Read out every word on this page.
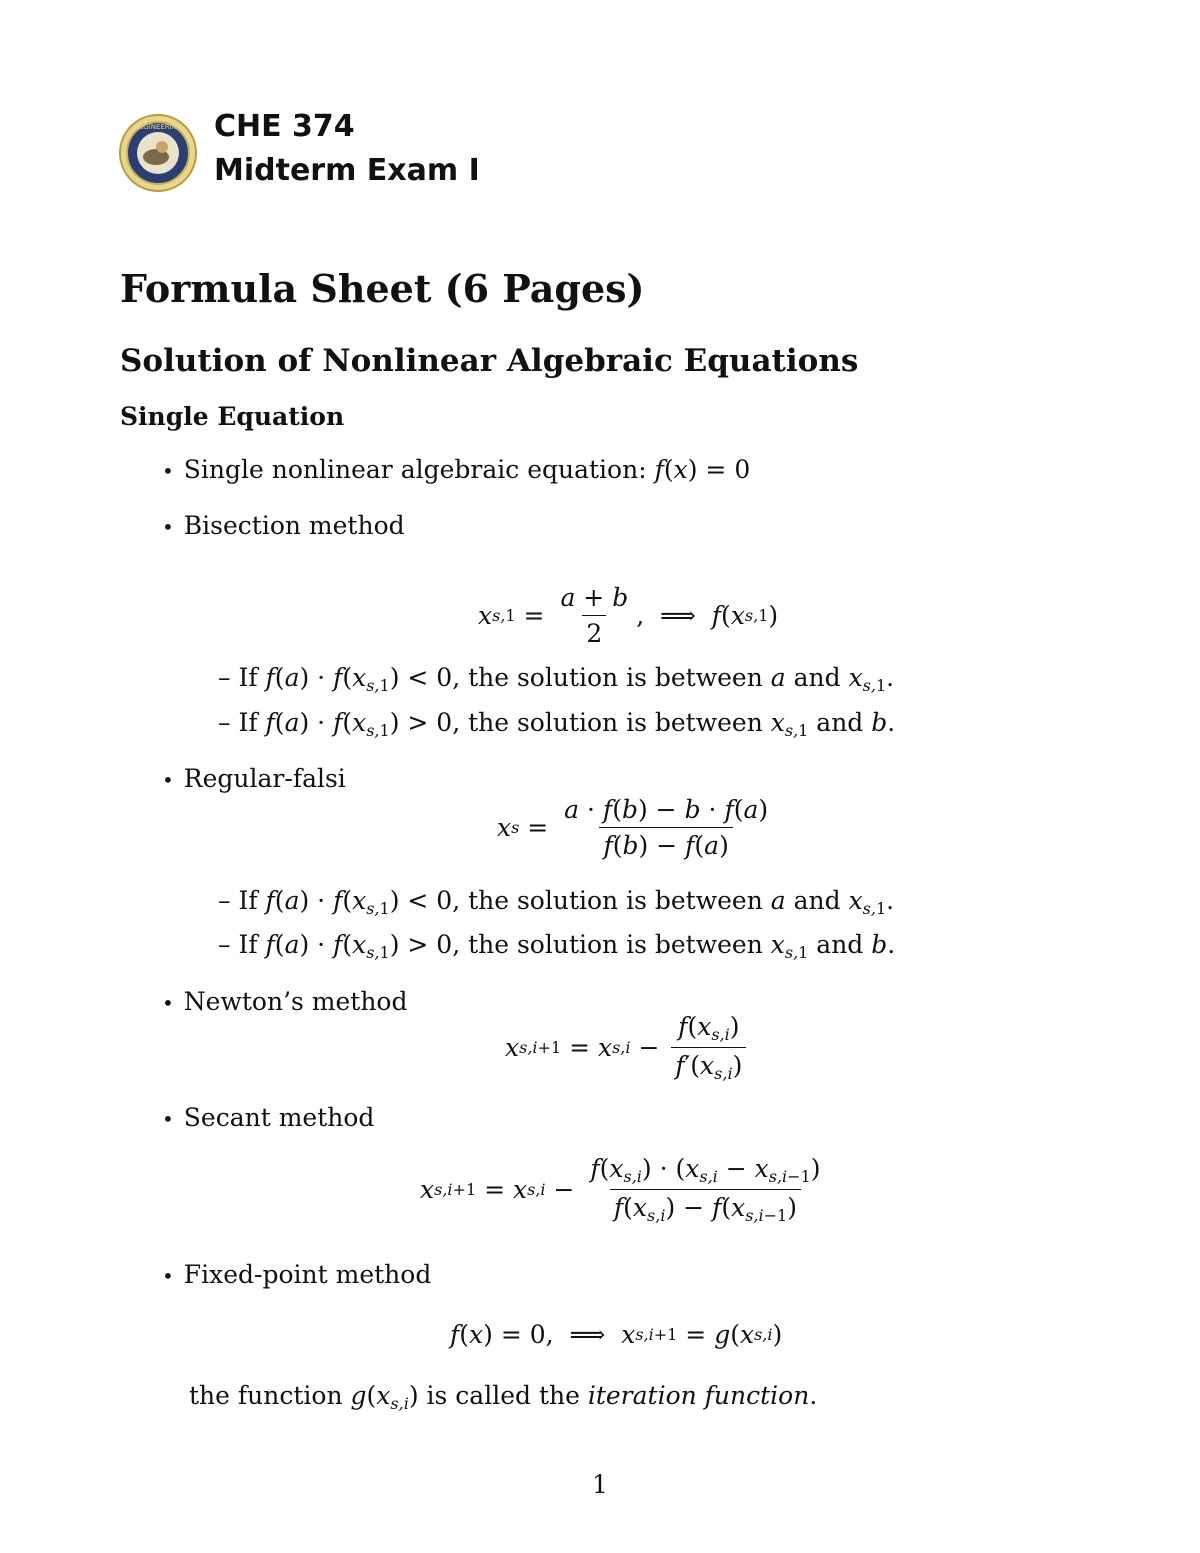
ENGINEERING CHE 374
Midterm Exam I
Formula Sheet (6 Pages)
Solution of Nonlinear Algebraic Equations
Single Equation
• Single nonlinear algebraic equation: f(x) = 0
• Bisection method
x $s,1 = \frac{a + b}{2}$ ,  ⟹ f ( x s,1 )
– If $f(a) \cdot f(x_{s,1}) < 0$, the solution is between a and $x_{s,1}$.
– If $f(a) \cdot f(x_{s,1}) > 0$, the solution is between $x_{s,1}$ and b.
• Regular-falsi
x $s = \frac{a \cdot f(b) - b \cdot f(a)}{f(b) - f(a)}$
– If $f(a) \cdot f(x_{s,1}) < 0$, the solution is between a and $x_{s,1}$.
– If $f(a) \cdot f(x_{s,1}) > 0$, the solution is between $x_{s,1}$ and b.
• Newton’s method
x s,i+1 = x $s,i - \frac{f(x_{s,i})}{f'(x_{s,i})}$
• Secant method
x s,i+1 = x $s,i - \frac{f(x_{s,i}) \cdot (x_{s,i} - x_{s,i-1})}{f(x_{s,i}) - f(x_{s,i-1})}$
• Fixed-point method
f ( x ) = 0,  ⟹ x s,i+1 = g ( x s,i )
the function $g(x_{s,i})$ is called the iteration function.
1
